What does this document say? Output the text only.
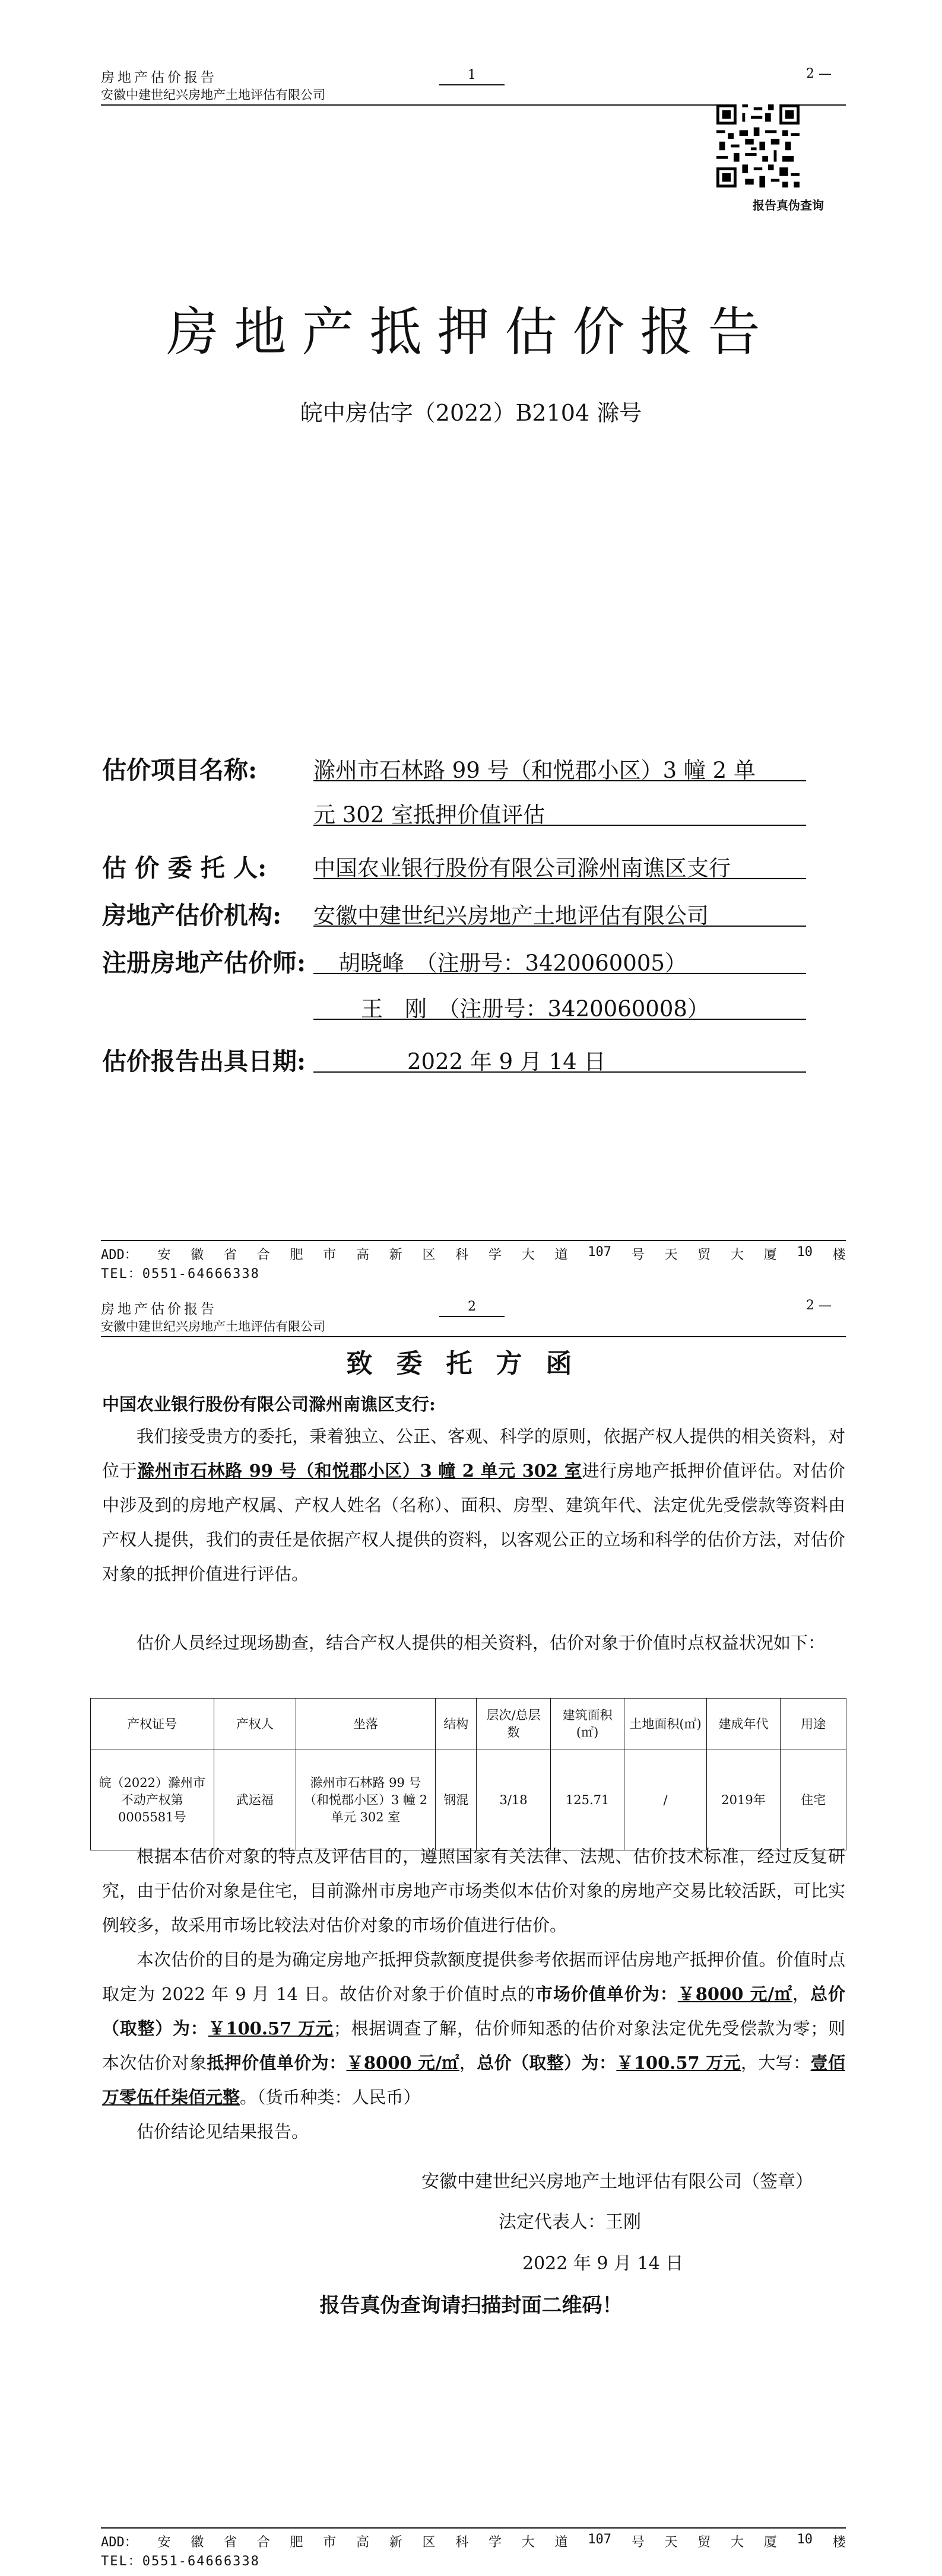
房地产估价报告
安徽中建世纪兴房地产土地评估有限公司
1	2 —
报告真伪查询
房地产抵押估价报告
皖中房估字（2022）B2104 滁号
估价项目名称:	滁州市石林路 99 号（和悦郡小区）3 幢 2 单
元 302 室抵押价值评估
估 价 委 托 人: 中国农业银行股份有限公司滁州南谯区支行
房地产估价机构: 安徽中建世纪兴房地产土地评估有限公司
注册房地产估价师: 胡晓峰　（注册号：3420060005）
王　刚　（注册号：3420060008）
估价报告出具日期:	2022 年 9 月 14 日
ADD： 安 徽 省 合 肥 市 高 新 区 科 学 大 道 107 号 天 贸 大 厦 10 楼
TEL：0551-64666338
房地产估价报告
安徽中建世纪兴房地产土地评估有限公司
2	2 —
致委托方函
中国农业银行股份有限公司滁州南谯区支行:
我们接受贵方的委托，秉着独立、公正、客观、科学的原则，依据产权人提供的相关资料，对位于滁州市石林路 99 号（和悦郡小区）3 幢 2 单元 302 室进行房地产抵押价值评估。对估价中涉及到的房地产权属、产权人姓名（名称）、面积、房型、建筑年代、法定优先受偿款等资料由产权人提供，我们的责任是依据产权人提供的资料，以客观公正的立场和科学的估价方法，对估价对象的抵押价值进行评估。
估价人员经过现场勘查，结合产权人提供的相关资料，估价对象于价值时点权益状况如下：
产权证号	产权人	坐落	结构	层次/总层数	建筑面积(㎡)	土地面积(㎡)	建成年代	用途
皖（2022）滁州市不动产权第0005581号	武运福	滁州市石林路 99 号（和悦郡小区）3 幢 2 单元 302 室	钢混	3/18	125.71	/	2019年	住宅
根据本估价对象的特点及评估目的，遵照国家有关法律、法规、估价技术标准，经过反复研究，由于估价对象是住宅，目前滁州市房地产市场类似本估价对象的房地产交易比较活跃，可比实例较多，故采用市场比较法对估价对象的市场价值进行估价。
本次估价的目的是为确定房地产抵押贷款额度提供参考依据而评估房地产抵押价值。价值时点取定为 2022 年 9 月 14 日。故估价对象于价值时点的市场价值单价为：￥8000 元/㎡，总价（取整）为：￥100.57 万元；根据调查了解，估价师知悉的估价对象法定优先受偿款为零；则本次估价对象抵押价值单价为：￥8000 元/㎡，总价（取整）为：￥100.57 万元，大写：壹佰万零伍仟柒佰元整。（货币种类：人民币）
估价结论见结果报告。
安徽中建世纪兴房地产土地评估有限公司（签章）
法定代表人：王刚
2022 年 9 月 14 日
报告真伪查询请扫描封面二维码！
ADD： 安 徽 省 合 肥 市 高 新 区 科 学 大 道 107 号 天 贸 大 厦 10 楼
TEL：0551-64666338
